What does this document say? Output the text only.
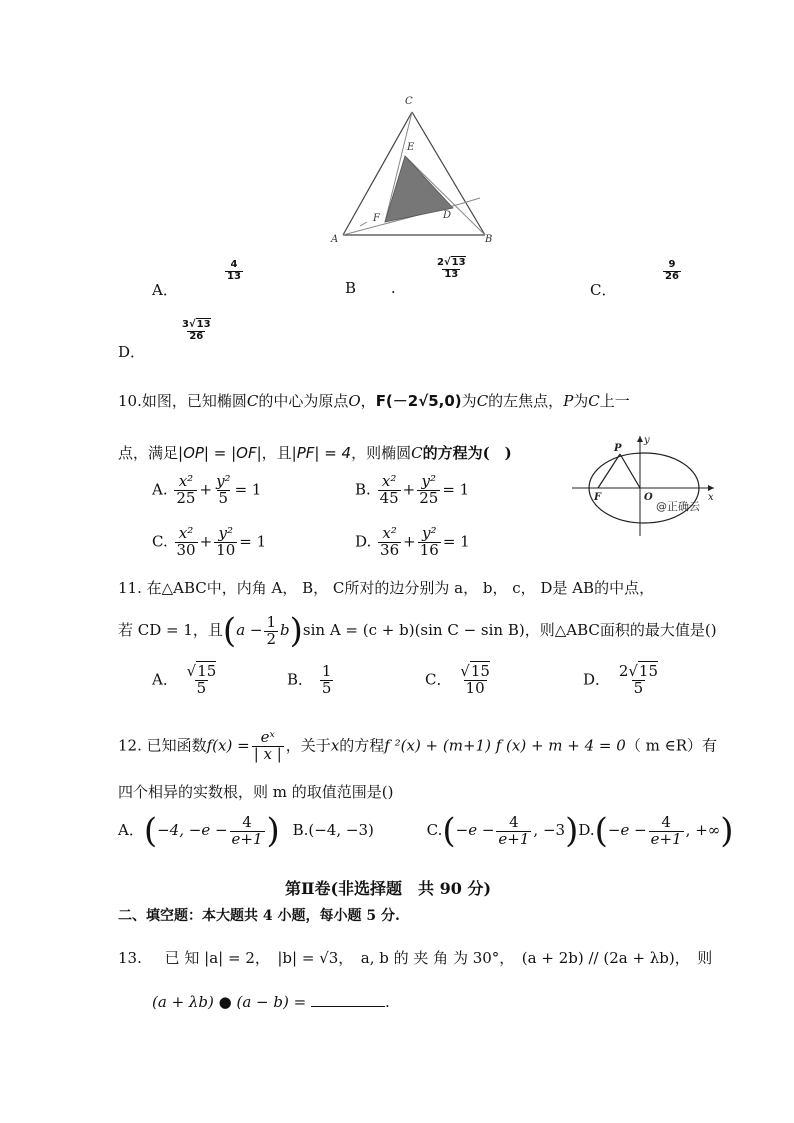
C
E
F	D
A	B
A．
$\frac{4}{13}$
B .
$\frac{2√13}{13}$
C．
$\frac{9}{26}$
D．
$\frac{3√13}{26}$
10.如图，已知椭圆C的中心为原点O，F(－2√5,0)为C的左焦点，P为C上一
点，满足|OP| = |OF|，且|PF| = 4，则椭圆C的方程为(　)
A. $\frac{\text{x²}}{25} + \frac{\text{y²}}{5} = 1$	B. $\frac{\text{x²}}{45} + \frac{\text{y²}}{25} = 1$
C. $\frac{\text{x²}}{30} + \frac{\text{y²}}{10} = 1$	D. $\frac{\text{x²}}{36} + \frac{\text{y²}}{16} = 1$
P
y
F	O	x
@正确云
11. 在△ABC中，内角 A， B， C所对的边分别为 a， b， c， D是 AB的中点，
若 CD = 1，且$(a - \frac{1}{2} b)\sin$ A = (c + b)(sin C − sin B)，则△ABC面积的最大值是()
A． $\frac{√15}{5}$	B． $\frac{1}{5}$	C． $\frac{√15}{10}$	D． $\frac{2√15}{5}$
12. 已知函数$f(x) = \frac{\text{eˣ}}{| x |}$ ，关于x的方程f ²(x) + (m+1) f (x) + m + 4 = 0（ m ∈R）有
四个相异的实数根，则 m 的取值范围是()
A．(−4, $-e - \frac{4}{e+1}$ ) B.(−4, −3)	$C.(-e - \frac{4}{e+1}$ , $-3)D.(-e - \frac{4}{e+1}$ , +∞)
第Ⅱ卷(非选择题　共 90 分)
二、填空题：本大题共 4 小题，每小题 5 分.
13. 已 知 |a| = 2，　|b| = √3，　a, b 的 夹 角 为 30°，　(a + 2b) // (2a + λb)，　则
(a + λb) ● (a − b) =	.
